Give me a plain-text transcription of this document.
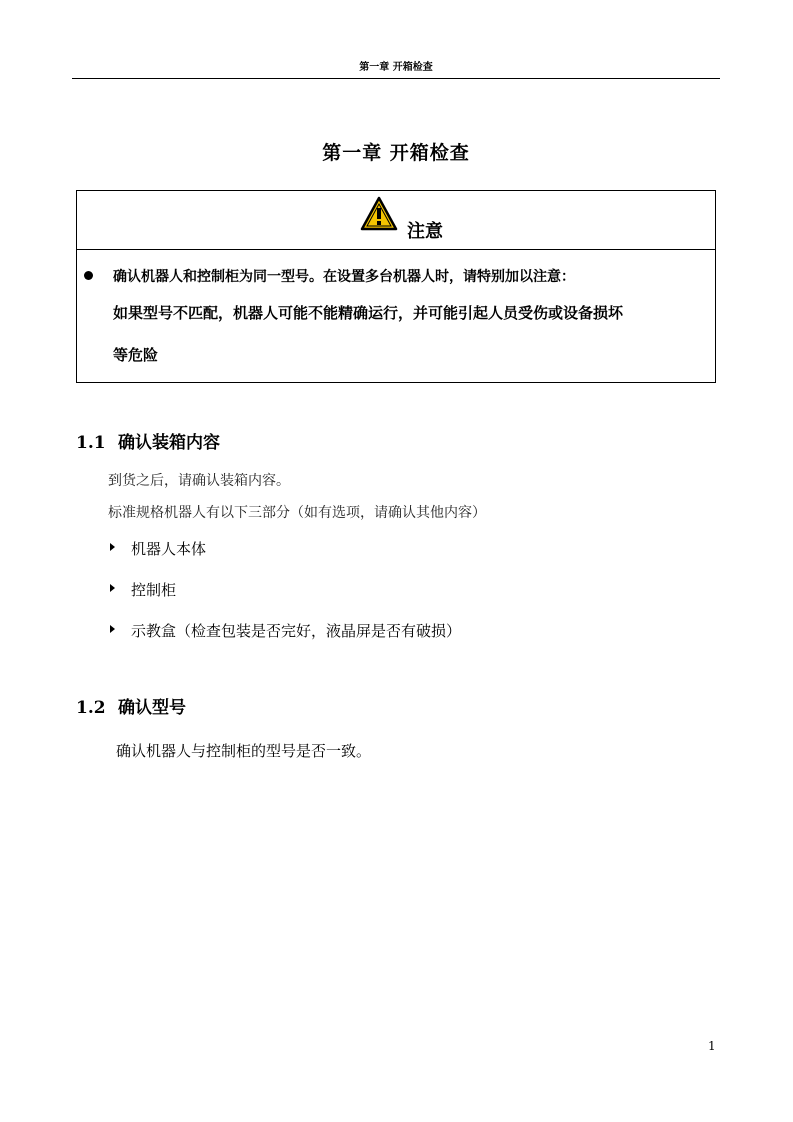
第一章 开箱检查
第一章 开箱检查
注意
确认机器人和控制柜为同一型号。在设置多台机器人时，请特别加以注意：
如果型号不匹配，机器人可能不能精确运行，并可能引起人员受伤或设备损坏
等危险
1.1 确认装箱内容
到货之后，请确认装箱内容。
标准规格机器人有以下三部分（如有选项，请确认其他内容）
机器人本体
控制柜
示教盒（检查包装是否完好，液晶屏是否有破损）
1.2 确认型号
确认机器人与控制柜的型号是否一致。
1
